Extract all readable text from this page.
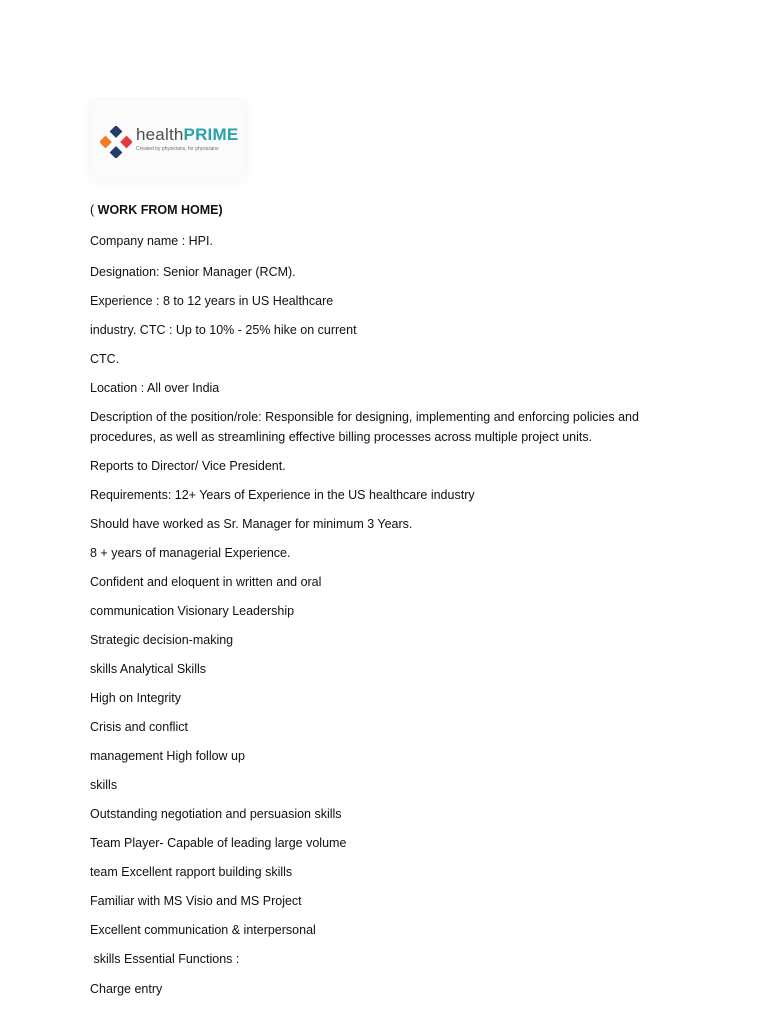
healthPRIME
Created by physicians, for physicians
( WORK FROM HOME)
Company name : HPI.
Designation: Senior Manager (RCM).
Experience : 8 to 12 years in US Healthcare
industry. CTC : Up to 10% - 25% hike on current
CTC.
Location : All over India
Description of the position/role: Responsible for designing, implementing and enforcing policies and procedures, as well as streamlining effective billing processes across multiple project units.
Reports to Director/ Vice President.
Requirements: 12+ Years of Experience in the US healthcare industry
Should have worked as Sr. Manager for minimum 3 Years.
8 + years of managerial Experience.
Confident and eloquent in written and oral
communication Visionary Leadership
Strategic decision-making
skills Analytical Skills
High on Integrity
Crisis and conflict
management High follow up
skills
Outstanding negotiation and persuasion skills
Team Player- Capable of leading large volume
team Excellent rapport building skills
Familiar with MS Visio and MS Project
Excellent communication & interpersonal
skills Essential Functions :
Charge entry
